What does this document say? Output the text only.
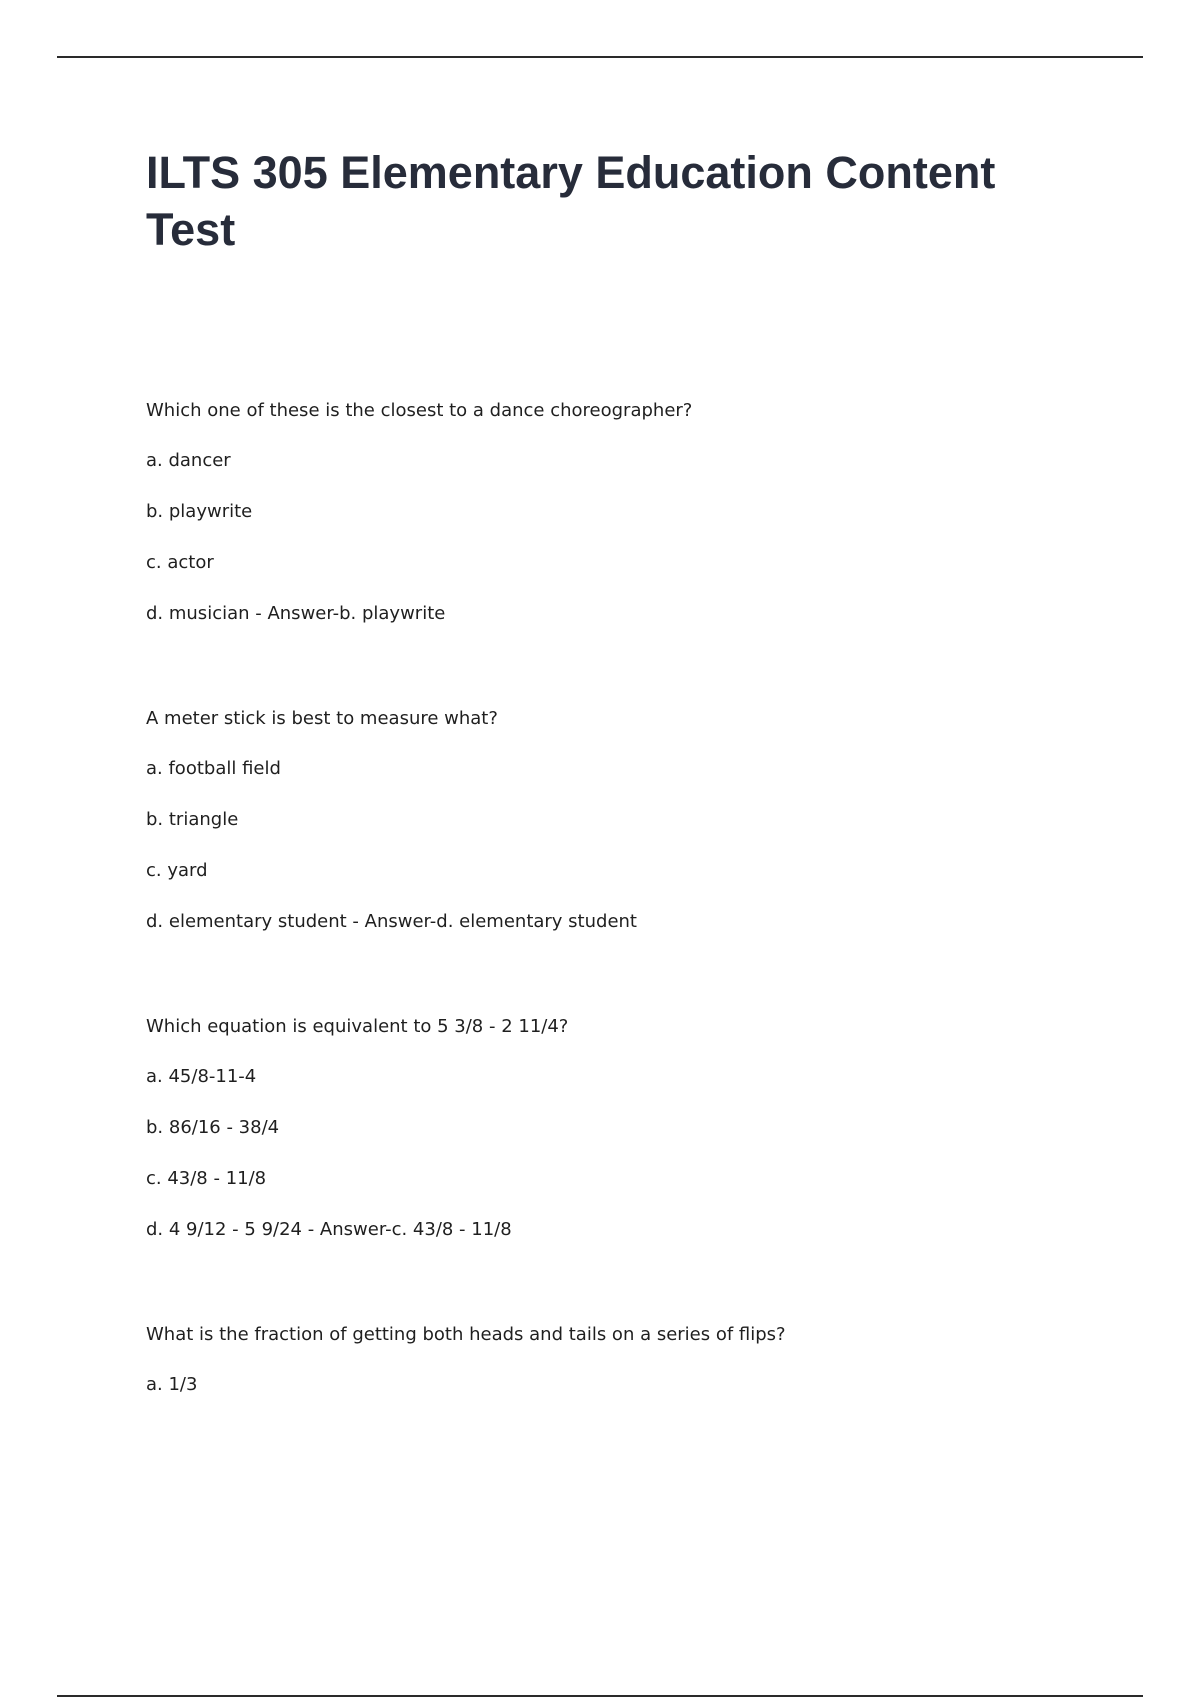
ILTS 305 Elementary Education Content Test
Which one of these is the closest to a dance choreographer?
a. dancer
b. playwrite
c. actor
d. musician - Answer-b. playwrite
A meter stick is best to measure what?
a. football field
b. triangle
c. yard
d. elementary student - Answer-d. elementary student
Which equation is equivalent to 5 3/8 - 2 11/4?
a. 45/8-11-4
b. 86/16 - 38/4
c. 43/8 - 11/8
d. 4 9/12 - 5 9/24 - Answer-c. 43/8 - 11/8
What is the fraction of getting both heads and tails on a series of flips?
a. 1/3
